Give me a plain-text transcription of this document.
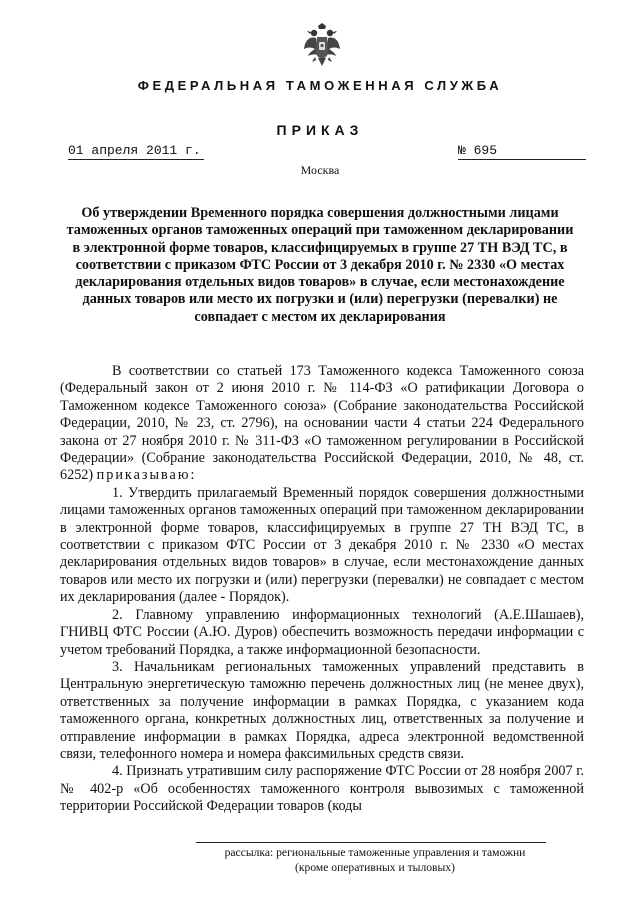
ФЕДЕРАЛЬНАЯ ТАМОЖЕННАЯ СЛУЖБА
ПРИКАЗ
01 апреля 2011 г.	№ 695
Москва
Об утверждении Временного порядка совершения должностными лицами таможенных органов таможенных операций при таможенном декларировании в электронной форме товаров, классифицируемых в группе 27 ТН ВЭД ТС, в соответствии с приказом ФТС России от 3 декабря 2010 г. № 2330 «О местах декларирования отдельных видов товаров» в случае, если местонахождение данных товаров или место их погрузки и (или) перегрузки (перевалки) не совпадает с местом их декларирования

В соответствии со статьей 173 Таможенного кодекса Таможенного союза (Федеральный закон от 2 июня 2010 г. № 114-ФЗ «О ратификации Договора о Таможенном кодексе Таможенного союза» (Собрание законодательства Российской Федерации, 2010, № 23, ст. 2796), на основании части 4 статьи 224 Федерального закона от 27 ноября 2010 г. № 311-ФЗ «О таможенном регулировании в Российской Федерации» (Собрание законодательства Российской Федерации, 2010, № 48, ст. 6252) приказываю:

1. Утвердить прилагаемый Временный порядок совершения должностными лицами таможенных органов таможенных операций при таможенном декларировании в электронной форме товаров, классифицируемых в группе 27 ТН ВЭД ТС, в соответствии с приказом ФТС России от 3 декабря 2010 г. № 2330 «О местах декларирования отдельных видов товаров» в случае, если местонахождение данных товаров или место их погрузки и (или) перегрузки (перевалки) не совпадает с местом их декларирования (далее - Порядок).

2. Главному управлению информационных технологий (А.Е.Шашаев), ГНИВЦ ФТС России (А.Ю. Дуров) обеспечить возможность передачи информации с учетом требований Порядка, а также информационной безопасности.

3. Начальникам региональных таможенных управлений представить в Центральную энергетическую таможню перечень должностных лиц (не менее двух), ответственных за получение информации в рамках Порядка, с указанием кода таможенного органа, конкретных должностных лиц, ответственных за получение и отправление информации в рамках Порядка, адреса электронной ведомственной связи, телефонного номера и номера факсимильных средств связи.

4. Признать утратившим силу распоряжение ФТС России от 28 ноября 2007 г. № 402-р «Об особенностях таможенного контроля вывозимых с таможенной территории Российской Федерации товаров (коды

рассылка: региональные таможенные управления и таможни
(кроме оперативных и тыловых)
